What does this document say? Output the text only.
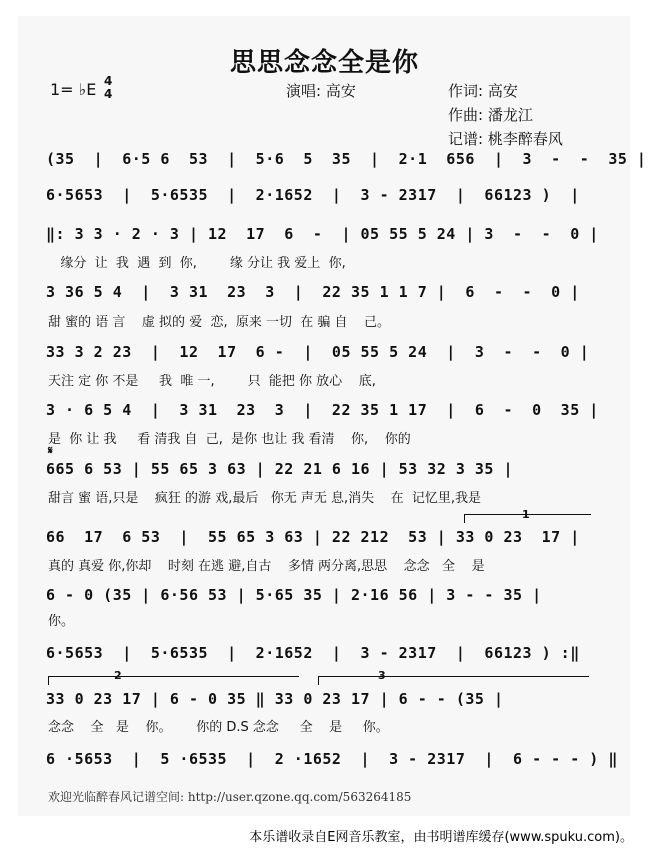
思思念念全是你
1= ♭E 4
4	演唱: 高安	作词: 高安
作曲: 潘龙江
记谱: 桃李醉春风
(35  |  6·5 6  53  |  5·6  5  35  |  2·1  656  |  3  -  -  35 |
6·5653  |  5·6535  |  2·1652  |  3 - 2317  |  66123 )  |
‖: 3 3 · 2 · 3 | 12  17  6  -  | 05 55 5 24 | 3  -  -  0 |
缘分  让  我  遇  到  你,        缘 分让 我 爱上  你,
3 36 5 4  |  3 31  23  3  |  22 35 1 1 7 |  6  -  -  0 |
甜 蜜的 语 言    虚 拟的 爱  恋,  原来 一切  在 骗 自    己。
33 3 2 23  |  12  17  6 -  |  05 55 5 24  |  3  -  -  0 |
天注 定 你 不是     我  唯 一,        只  能把 你 放心    底,
3 · 6 5 4  |  3 31  23  3  |  22 35 1 17  |  6  -  0  35 |
是  你 让 我     看 清我 自  己,  是你 也让 我 看清    你,    你的
𝄋
665 6 53 | 55 65 3 63 | 22 21 6 16 | 53 32 3 35 |
甜言 蜜 语,只是    疯狂 的游 戏,最后   你无 声无 息,消失    在  记忆里,我是
1
66  17  6 53  |  55 65 3 63 | 22 212  53 | 33 0 23  17 |
真的 真爱 你,你却    时刻 在逃 避,自古    多情 两分离,思思    念念   全    是
6 - 0 (35 | 6·56 53 | 5·65 35 | 2·16 56 | 3 - - 35 |
你。
6·5653  |  5·6535  |  2·1652  |  3 - 2317  |  66123 ) :‖
2	3
33 0 23 17 | 6 - 0 35 ‖ 33 0 23 17 | 6 - - (35 |
念念    全   是    你。      你的 D.S 念念     全    是     你。
6 ·5653  |  5 ·6535  |  2 ·1652  |  3 - 2317  |  6 - - - ) ‖
欢迎光临醉春风记谱空间: http://user.qzone.qq.com/563264185
本乐谱收录自E网音乐教室，由书明谱库缓存(www.spuku.com)。
